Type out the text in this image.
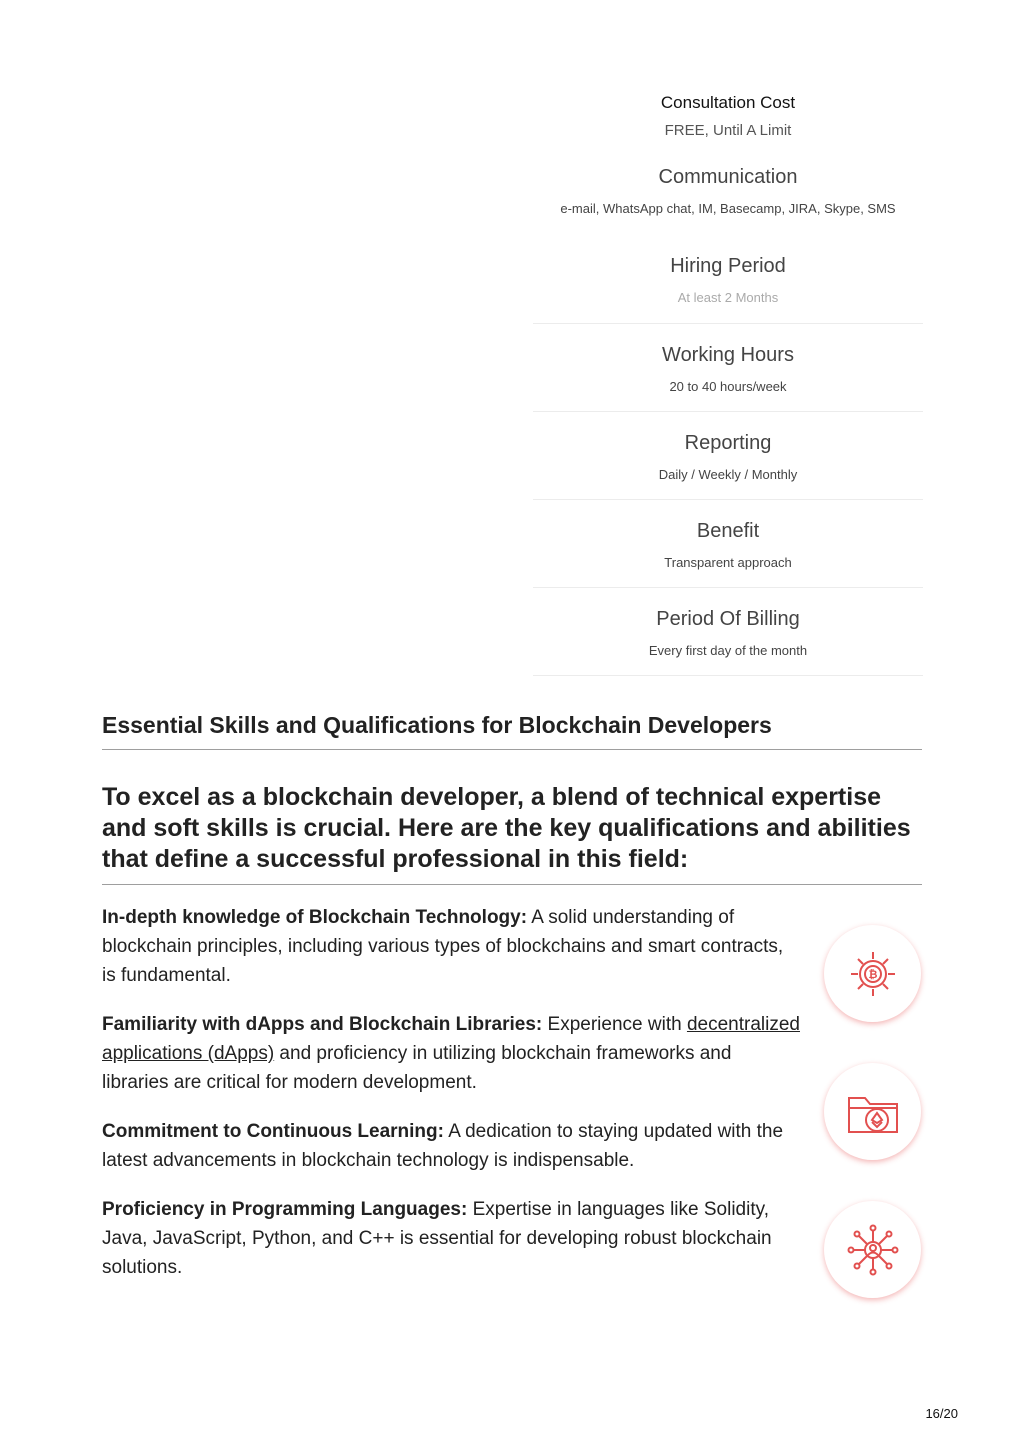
Consultation Cost
FREE, Until A Limit
Communication
e-mail, WhatsApp chat, IM, Basecamp, JIRA, Skype, SMS
Hiring Period
At least 2 Months
Working Hours
20 to 40 hours/week
Reporting
Daily / Weekly / Monthly
Benefit
Transparent approach
Period Of Billing
Every first day of the month
Essential Skills and Qualifications for Blockchain Developers
To excel as a blockchain developer, a blend of technical expertise and soft skills is crucial. Here are the key qualifications and abilities that define a successful professional in this field:
In-depth knowledge of Blockchain Technology: A solid understanding of blockchain principles, including various types of blockchains and smart contracts, is fundamental.
Familiarity with dApps and Blockchain Libraries: Experience with decentralized applications (dApps) and proficiency in utilizing blockchain frameworks and libraries are critical for modern development.
Commitment to Continuous Learning: A dedication to staying updated with the latest advancements in blockchain technology is indispensable.
Proficiency in Programming Languages: Expertise in languages like Solidity, Java, JavaScript, Python, and C++ is essential for developing robust blockchain solutions.
₿
16/20
